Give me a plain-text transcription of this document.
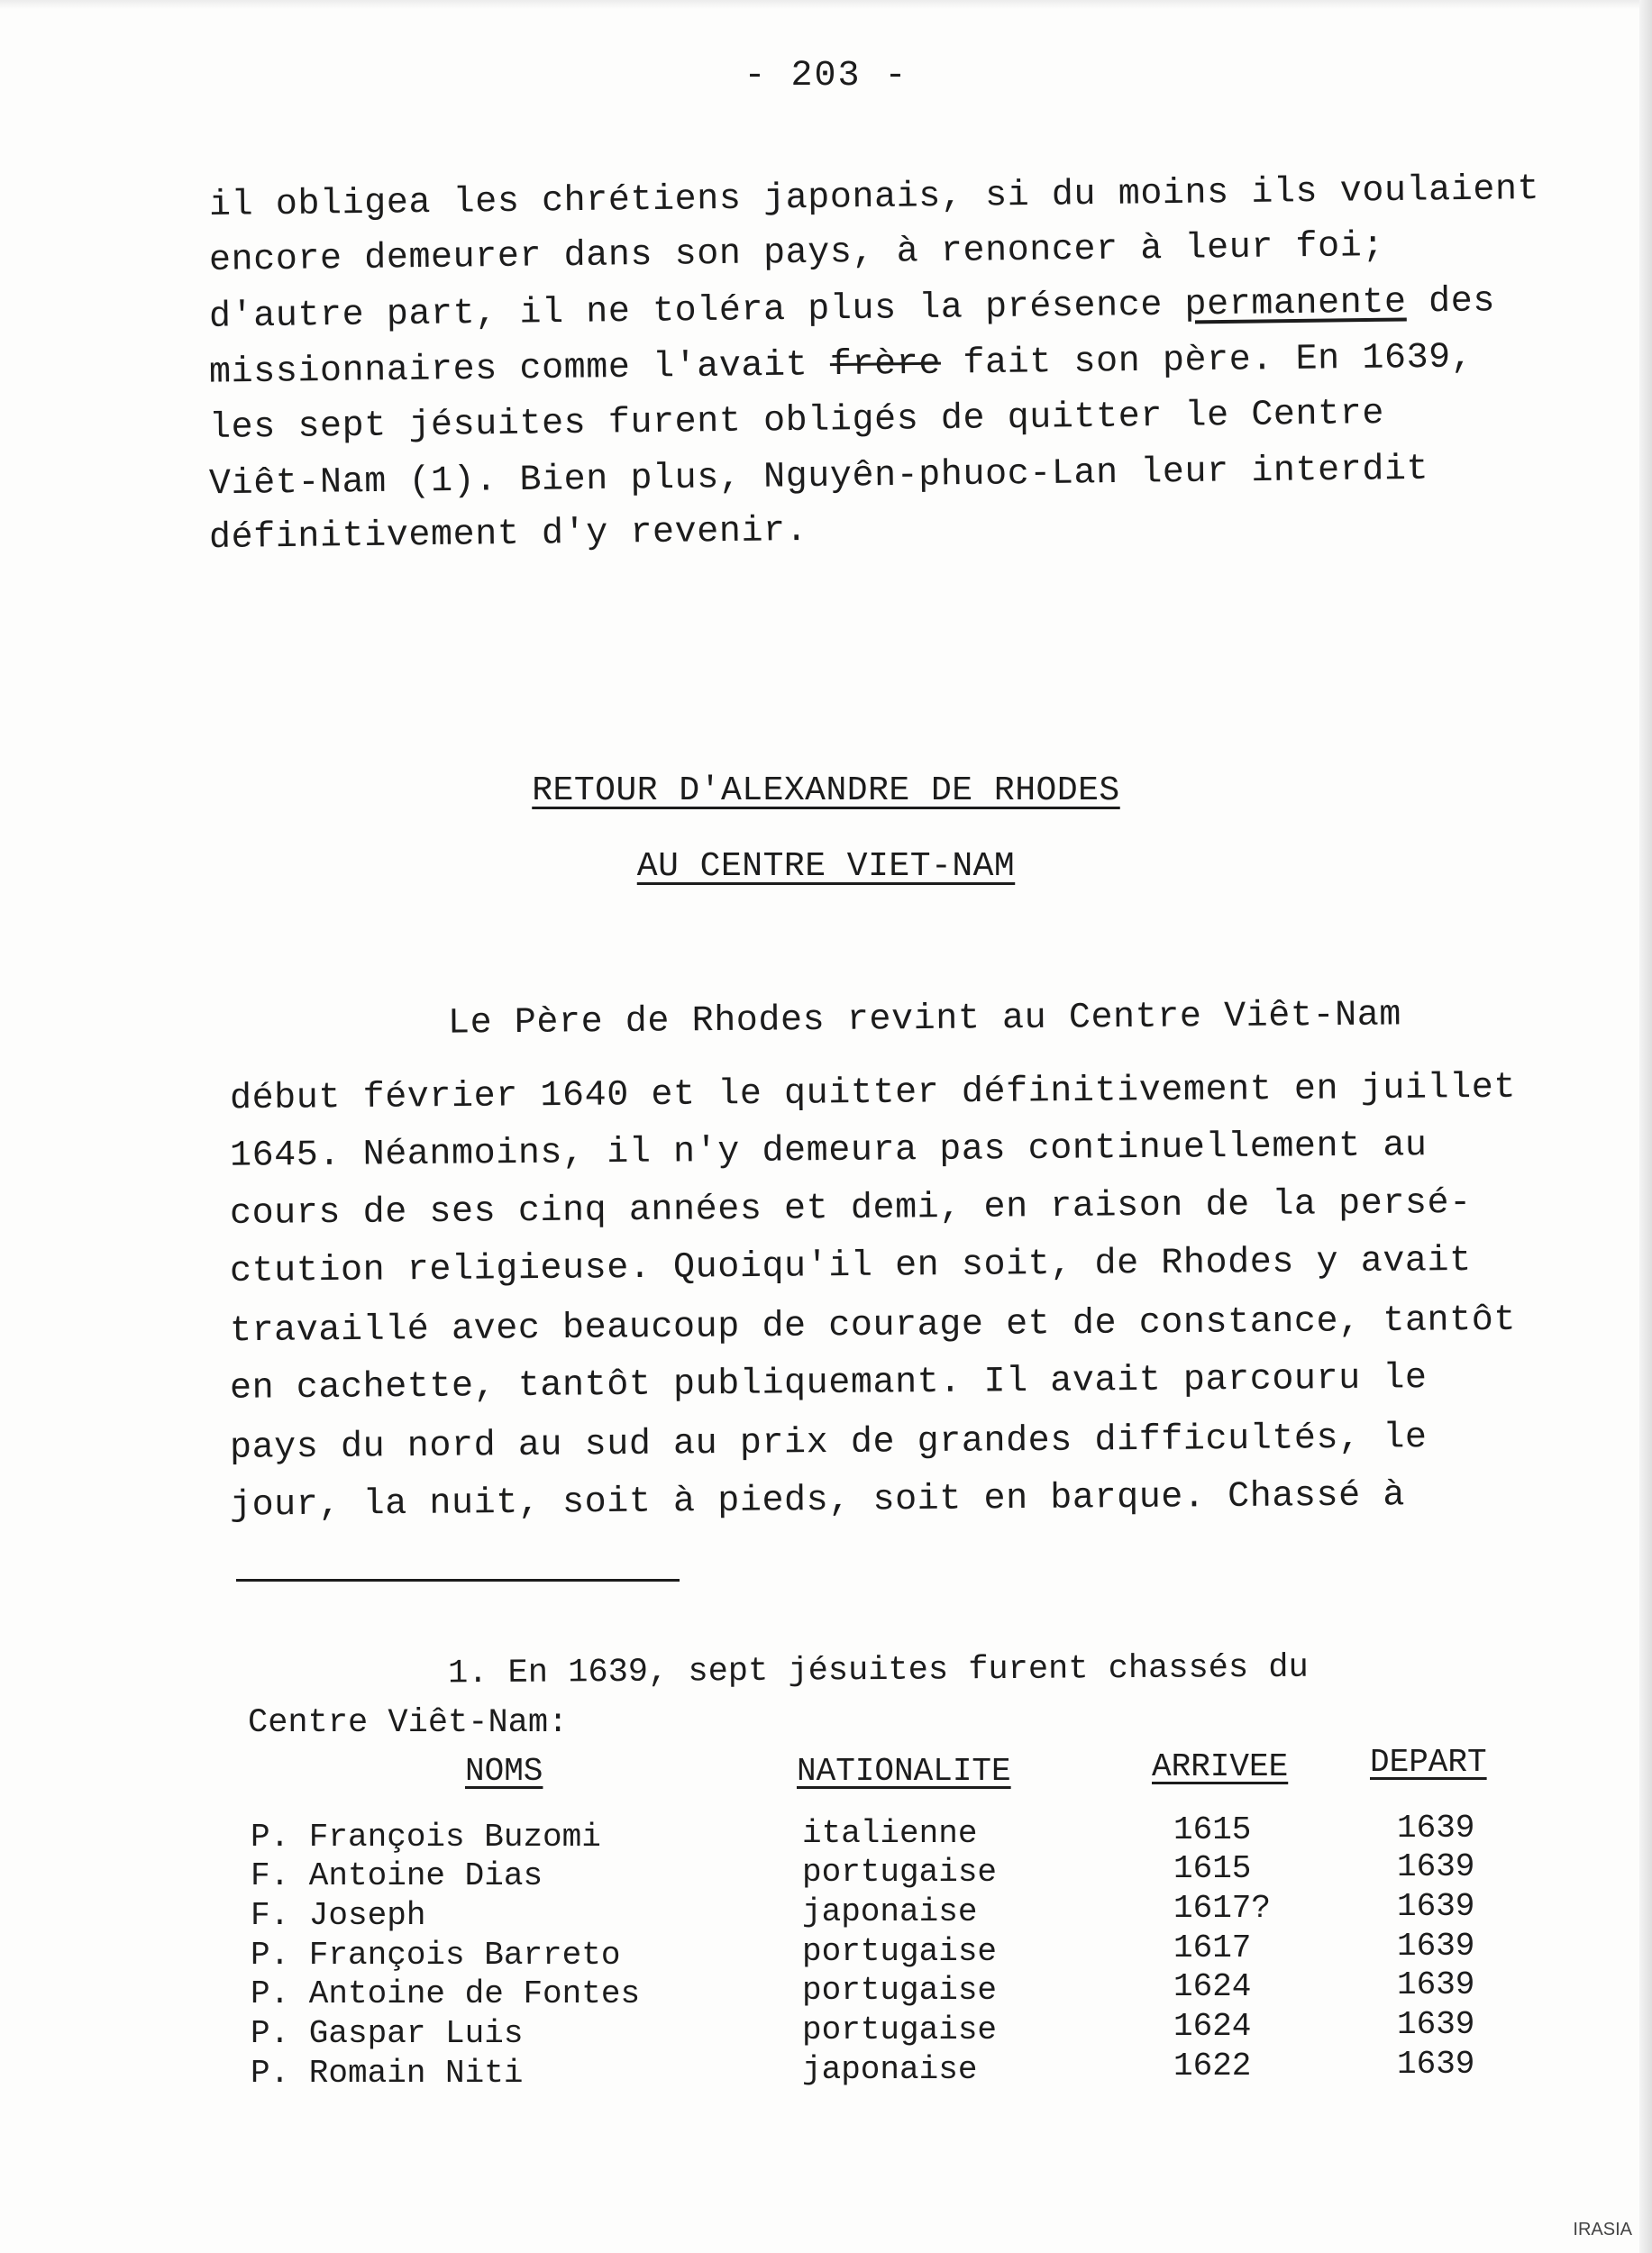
- 203 -
il obligea les chrétiens japonais, si du moins ils voulaient
encore demeurer dans son pays, à renoncer à leur foi;
d'autre part, il ne toléra plus la présence permanente des
missionnaires comme l'avait frère fait son père. En 1639,
les sept jésuites furent obligés de quitter le Centre
Viêt-Nam (1). Bien plus, Nguyên-phuoc-Lan leur interdit
définitivement d'y revenir.
RETOUR D'ALEXANDRE DE RHODES
AU CENTRE VIET-NAM
Le Père de Rhodes revint au Centre Viêt-Nam
début février 1640 et le quitter définitivement en juillet
1645. Néanmoins, il n'y demeura pas continuellement au
cours de ses cinq années et demi, en raison de la persé-
ctution religieuse. Quoiqu'il en soit, de Rhodes y avait
travaillé avec beaucoup de courage et de constance, tantôt
en cachette, tantôt publiquemant. Il avait parcouru le
pays du nord au sud au prix de grandes difficultés, le
jour, la nuit, soit à pieds, soit en barque. Chassé à
1. En 1639, sept jésuites furent chassés du
Centre Viêt-Nam:
NOMS	NATIONALITE	ARRIVEE	DEPART
P. François Buzomi	italienne	1615	1639
F. Antoine Dias	portugaise	1615	1639
F. Joseph	japonaise	1617?	1639
P. François Barreto	portugaise	1617	1639
P. Antoine de Fontes	portugaise	1624	1639
P. Gaspar Luis	portugaise	1624	1639
P. Romain Niti	japonaise	1622	1639
IRASIA
